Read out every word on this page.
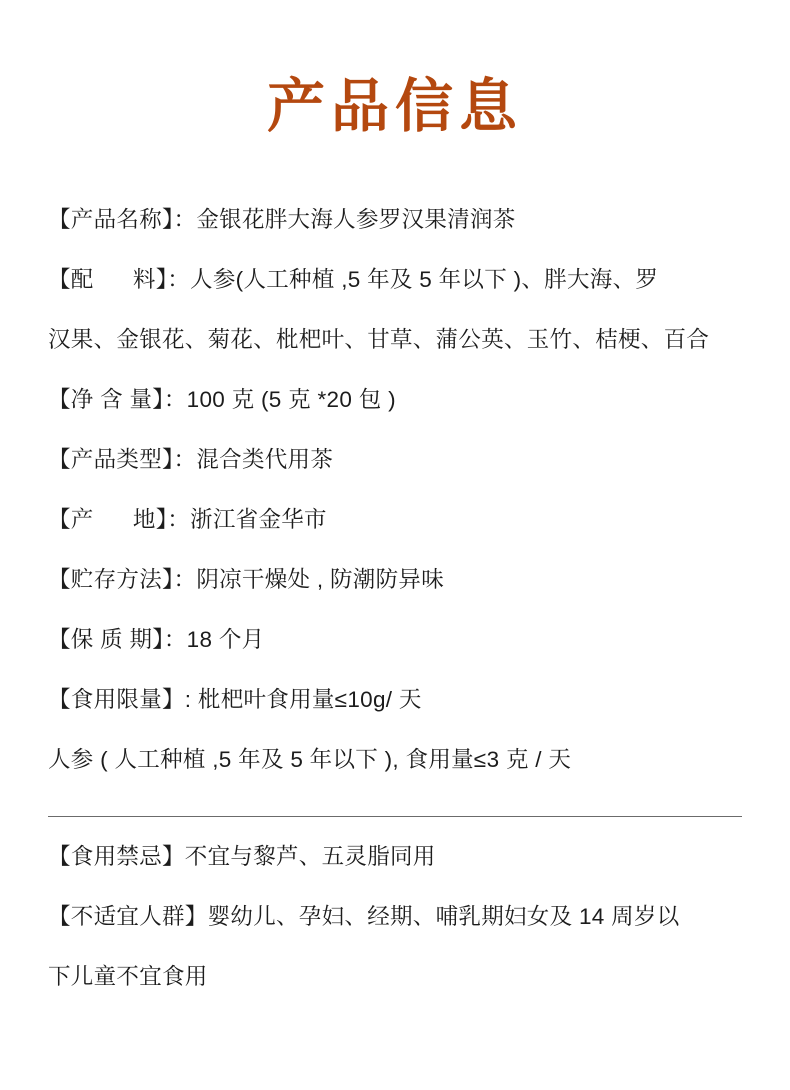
产品信息
【产品名称】：金银花胖大海人参罗汉果清润茶
【配      料】：人参(人工种植 ,5 年及 5 年以下 )、胖大海、罗
汉果、金银花、菊花、枇杷叶、甘草、蒲公英、玉竹、桔梗、百合
【净 含 量】：100 克 (5 克 *20 包 )
【产品类型】：混合类代用茶
【产      地】：浙江省金华市
【贮存方法】：阴凉干燥处 , 防潮防异味
【保 质 期】：18 个月
【食用限量】: 枇杷叶食用量≤10g/ 天
人参 ( 人工种植 ,5 年及 5 年以下 ), 食用量≤3 克 / 天
【食用禁忌】不宜与黎芦、五灵脂同用
【不适宜人群】婴幼儿、孕妇、经期、哺乳期妇女及 14 周岁以
下儿童不宜食用
